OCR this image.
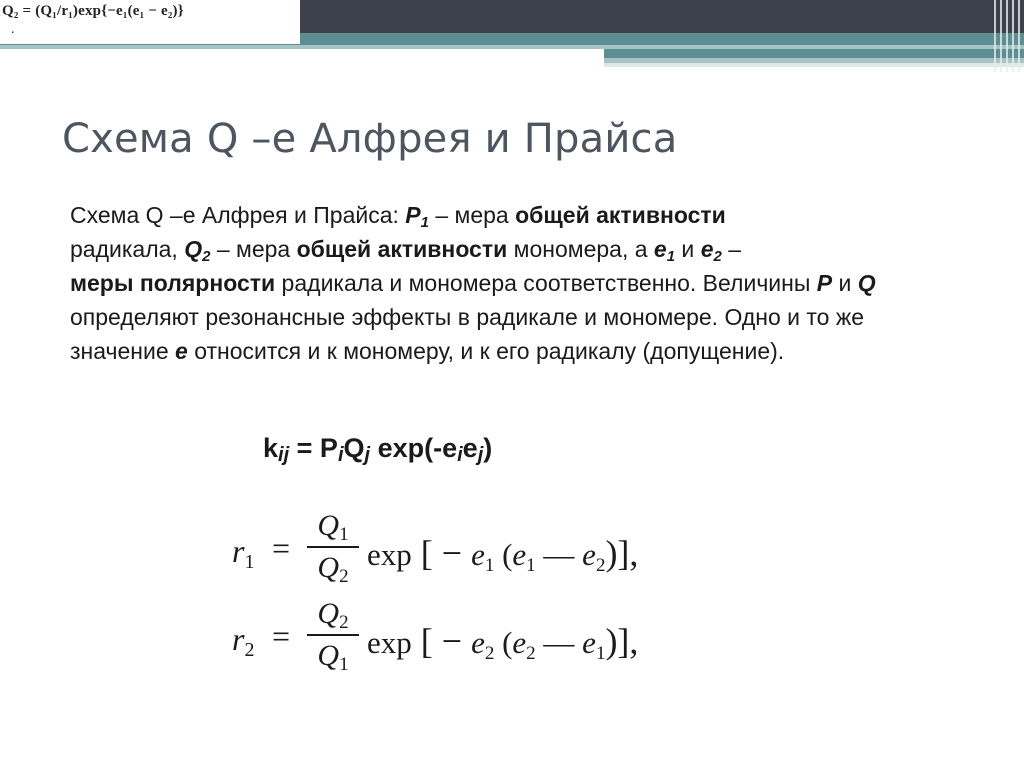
Q₂ = (Q₁/r₁)exp{−e₁(e₁ − e₂)}
.
Схема Q –е Алфрея и Прайса
Схема Q –е Алфрея и Прайса: $P_1$ – мера общей активности
радикала, $Q_2$ – мера общей активности мономера, а $e_1$ и $e_2$ –
меры полярности радикала и мономера соответственно. Величины P и Q определяют резонансные эффекты в радикале и мономере. Одно и то же значение e относится и к мономеру, и к его радикалу (допущение).
kij = PiQj exp(-eiej)
$r_1$ =
$Q_1$
$Q_2$
exp [ − $e_1$ ($e_1$ — $e_2$)],
$r_2$ =
$Q_2$
$Q_1$
exp [ − $e_2$ ($e_2$ — $e_1$)],
